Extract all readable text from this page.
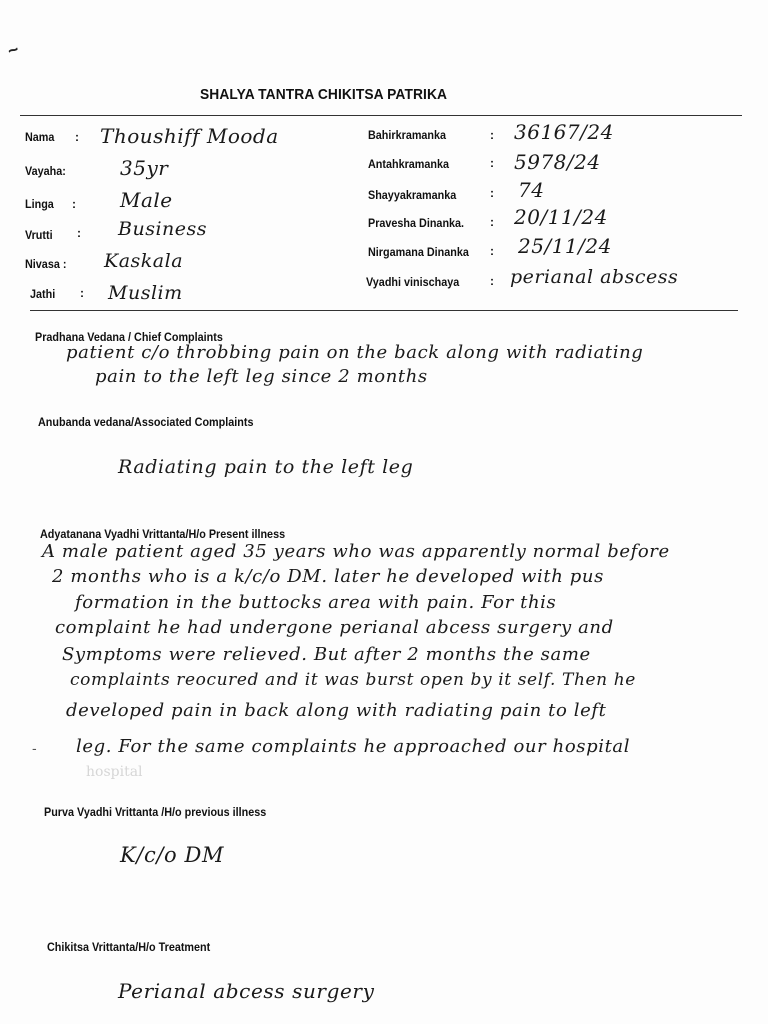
~
SHALYA TANTRA CHIKITSA PATRIKA
Nama : Thoushiff Mooda
Vayaha:	35yr
Linga : Male
Vrutti : Business
Nivasa : Kaskala
Jathi : Muslim
Bahirkramanka	: 36167/24
Antahkramanka	: 5978/24
Shayyakramanka	: 74
Pravesha Dinanka. : 20/11/24
Nirgamana Dinanka : 25/11/24
Vyadhi vinischaya	: perianal abscess
Pradhana Vedana / Chief Complaints
patient c/o throbbing pain on the back along with radiating
pain to the left leg since 2 months
Anubanda vedana/Associated Complaints
Radiating pain to the left leg
Adyatanana Vyadhi Vrittanta/H/o Present illness
A male patient aged 35 years who was apparently normal before
2 months who is a k/c/o DM. later he developed with pus
formation in the buttocks area with pain. For this
complaint he had undergone perianal abcess surgery and
Symptoms were relieved. But after 2 months the same
complaints reocured and it was burst open by it self. Then he
developed pain in back along with radiating pain to left
- leg. For the same complaints he approached our hospital
hospital
Purva Vyadhi Vrittanta /H/o previous illness
K/c/o DM
Chikitsa Vrittanta/H/o Treatment
Perianal abcess surgery
